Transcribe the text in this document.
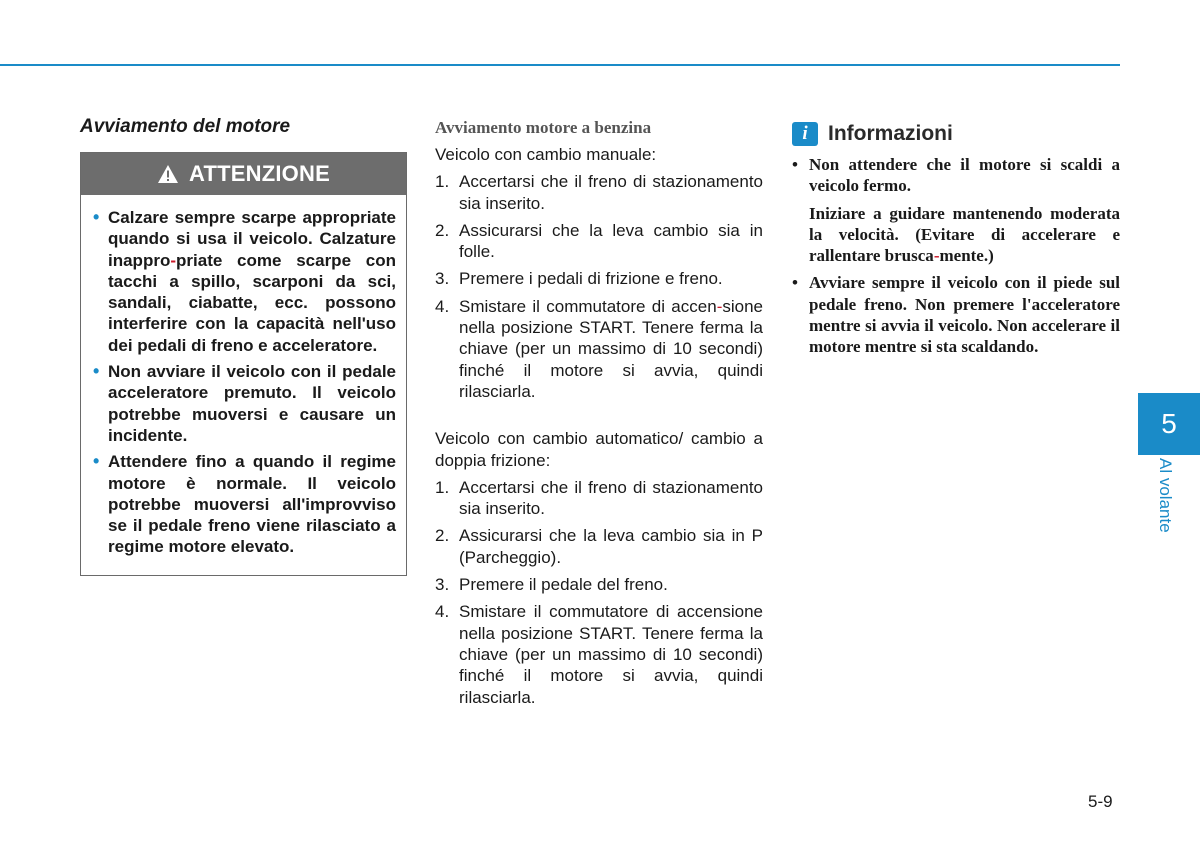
Avviamento del motore
ATTENZIONE
• Calzare sempre scarpe appropriate quando si usa il veicolo. Calzature inappro-priate come scarpe con tacchi a spillo, scarponi da sci, sandali, ciabatte, ecc. possono interferire con la capacità nell'uso dei pedali di freno e acceleratore.
• Non avviare il veicolo con il pedale acceleratore premuto. Il veicolo potrebbe muoversi e causare un incidente.
• Attendere fino a quando il regime motore è normale. Il veicolo potrebbe muoversi all'improvviso se il pedale freno viene rilasciato a regime motore elevato.
Avviamento motore a benzina
Veicolo con cambio manuale:
1. Accertarsi che il freno di stazionamento sia inserito.
2. Assicurarsi che la leva cambio sia in folle.
3. Premere i pedali di frizione e freno.
4. Smistare il commutatore di accen-sione nella posizione START. Tenere ferma la chiave (per un massimo di 10 secondi) finché il motore si avvia, quindi rilasciarla.
Veicolo con cambio automatico/ cambio a doppia frizione:
1. Accertarsi che il freno di stazionamento sia inserito.
2. Assicurarsi che la leva cambio sia in P (Parcheggio).
3. Premere il pedale del freno.
4. Smistare il commutatore di accensione nella posizione START. Tenere ferma la chiave (per un massimo di 10 secondi) finché il motore si avvia, quindi rilasciarla.
i Informazioni
• Non attendere che il motore si scaldi a veicolo fermo.
Iniziare a guidare mantenendo moderata la velocità. (Evitare di accelerare e rallentare brusca-mente.)
• Avviare sempre il veicolo con il piede sul pedale freno. Non premere l'acceleratore mentre si avvia il veicolo. Non accelerare il motore mentre si sta scaldando.
5
Al volante
5-9
